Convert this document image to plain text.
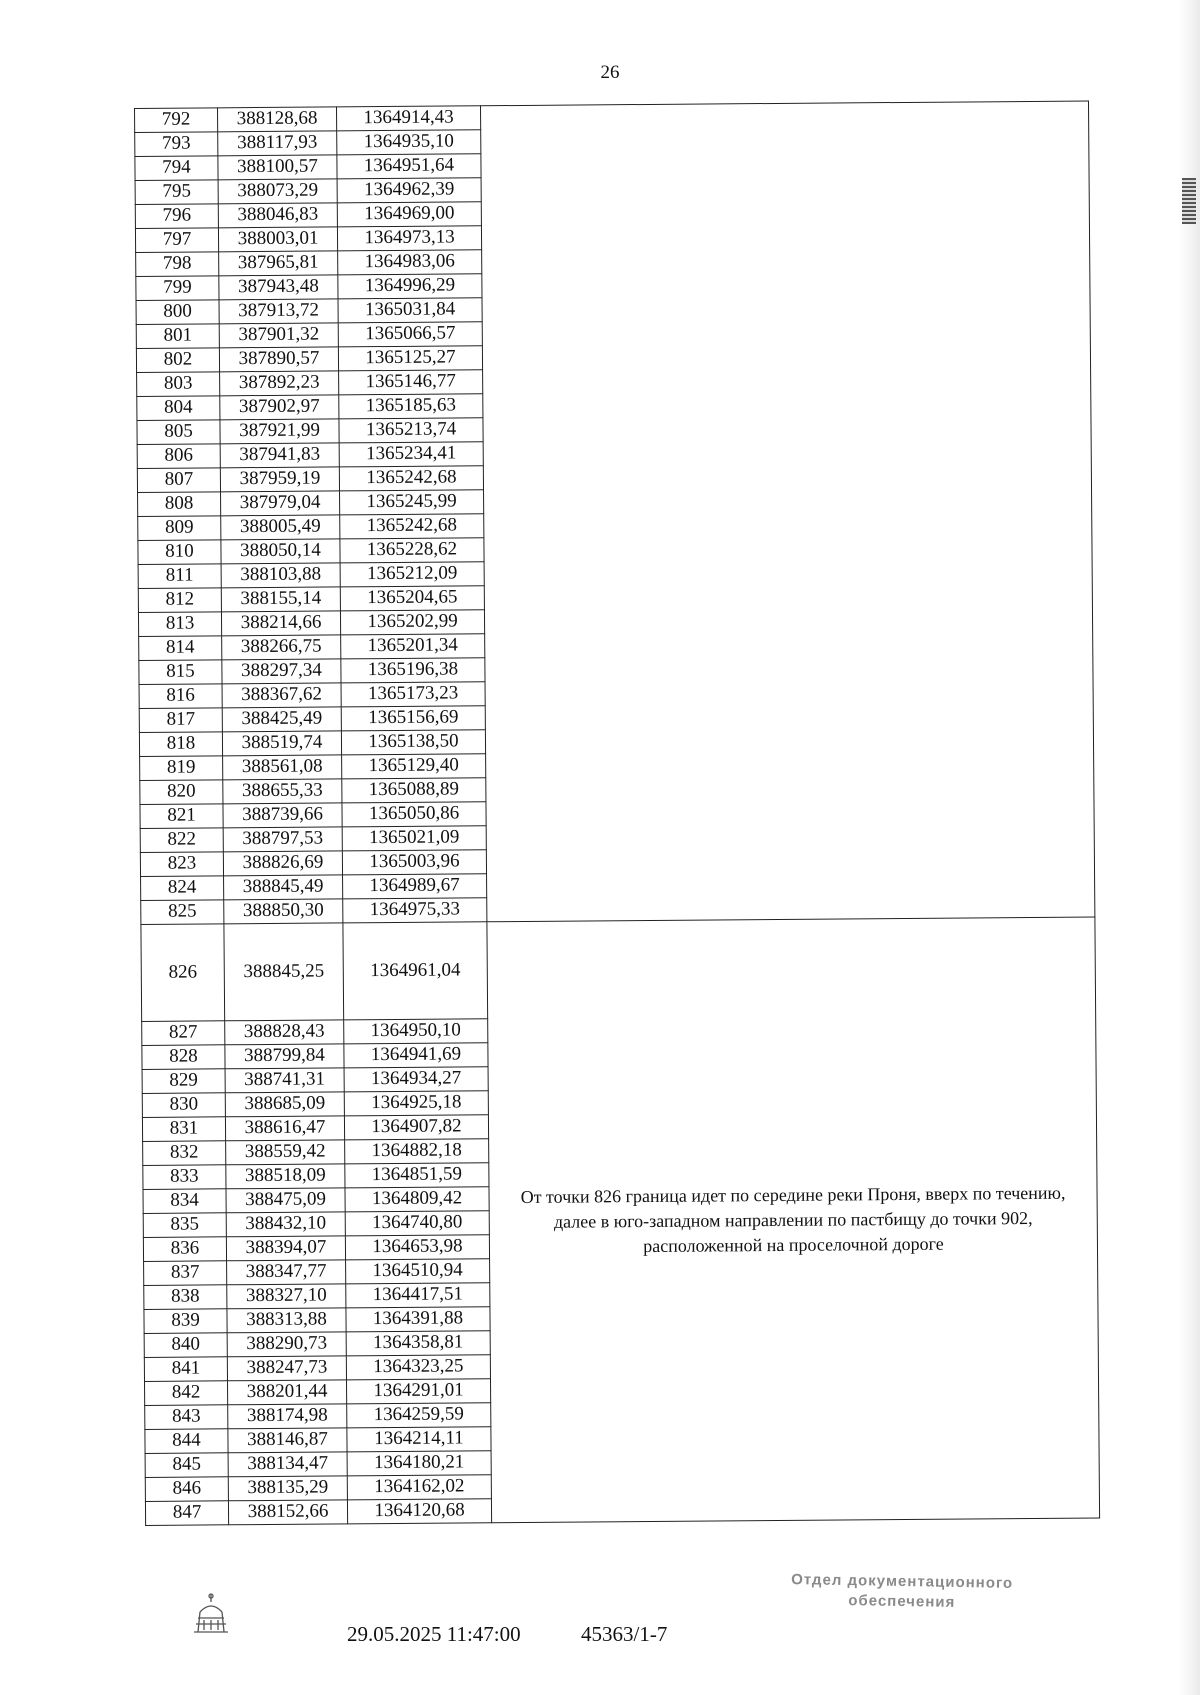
26
792	388128,68	1364914,43	
793	388117,93	1364935,10	
794	388100,57	1364951,64	
795	388073,29	1364962,39	
796	388046,83	1364969,00	
797	388003,01	1364973,13	
798	387965,81	1364983,06	
799	387943,48	1364996,29	
800	387913,72	1365031,84	
801	387901,32	1365066,57	
802	387890,57	1365125,27	
803	387892,23	1365146,77	
804	387902,97	1365185,63	
805	387921,99	1365213,74	
806	387941,83	1365234,41	
807	387959,19	1365242,68	
808	387979,04	1365245,99	
809	388005,49	1365242,68	
810	388050,14	1365228,62	
811	388103,88	1365212,09	
812	388155,14	1365204,65	
813	388214,66	1365202,99	
814	388266,75	1365201,34	
815	388297,34	1365196,38	
816	388367,62	1365173,23	
817	388425,49	1365156,69	
818	388519,74	1365138,50	
819	388561,08	1365129,40	
820	388655,33	1365088,89	
821	388739,66	1365050,86	
822	388797,53	1365021,09	
823	388826,69	1365003,96	
824	388845,49	1364989,67	
825	388850,30	1364975,33	
826	388845,25	1364961,04	От точки 826 граница идет по середине реки Проня, вверх по течению, далее в юго-западном направлении по пастбищу до точки 902, расположенной на проселочной дороге
827	388828,43	1364950,10	
828	388799,84	1364941,69	
829	388741,31	1364934,27	
830	388685,09	1364925,18	
831	388616,47	1364907,82	
832	388559,42	1364882,18	
833	388518,09	1364851,59	
834	388475,09	1364809,42	
835	388432,10	1364740,80	
836	388394,07	1364653,98	
837	388347,77	1364510,94	
838	388327,10	1364417,51	
839	388313,88	1364391,88	
840	388290,73	1364358,81	
841	388247,73	1364323,25	
842	388201,44	1364291,01	
843	388174,98	1364259,59	
844	388146,87	1364214,11	
845	388134,47	1364180,21	
846	388135,29	1364162,02	
847	388152,66	1364120,68	
29.05.2025 11:47:00	45363/1-7
Отдел документационного
обеспечения
